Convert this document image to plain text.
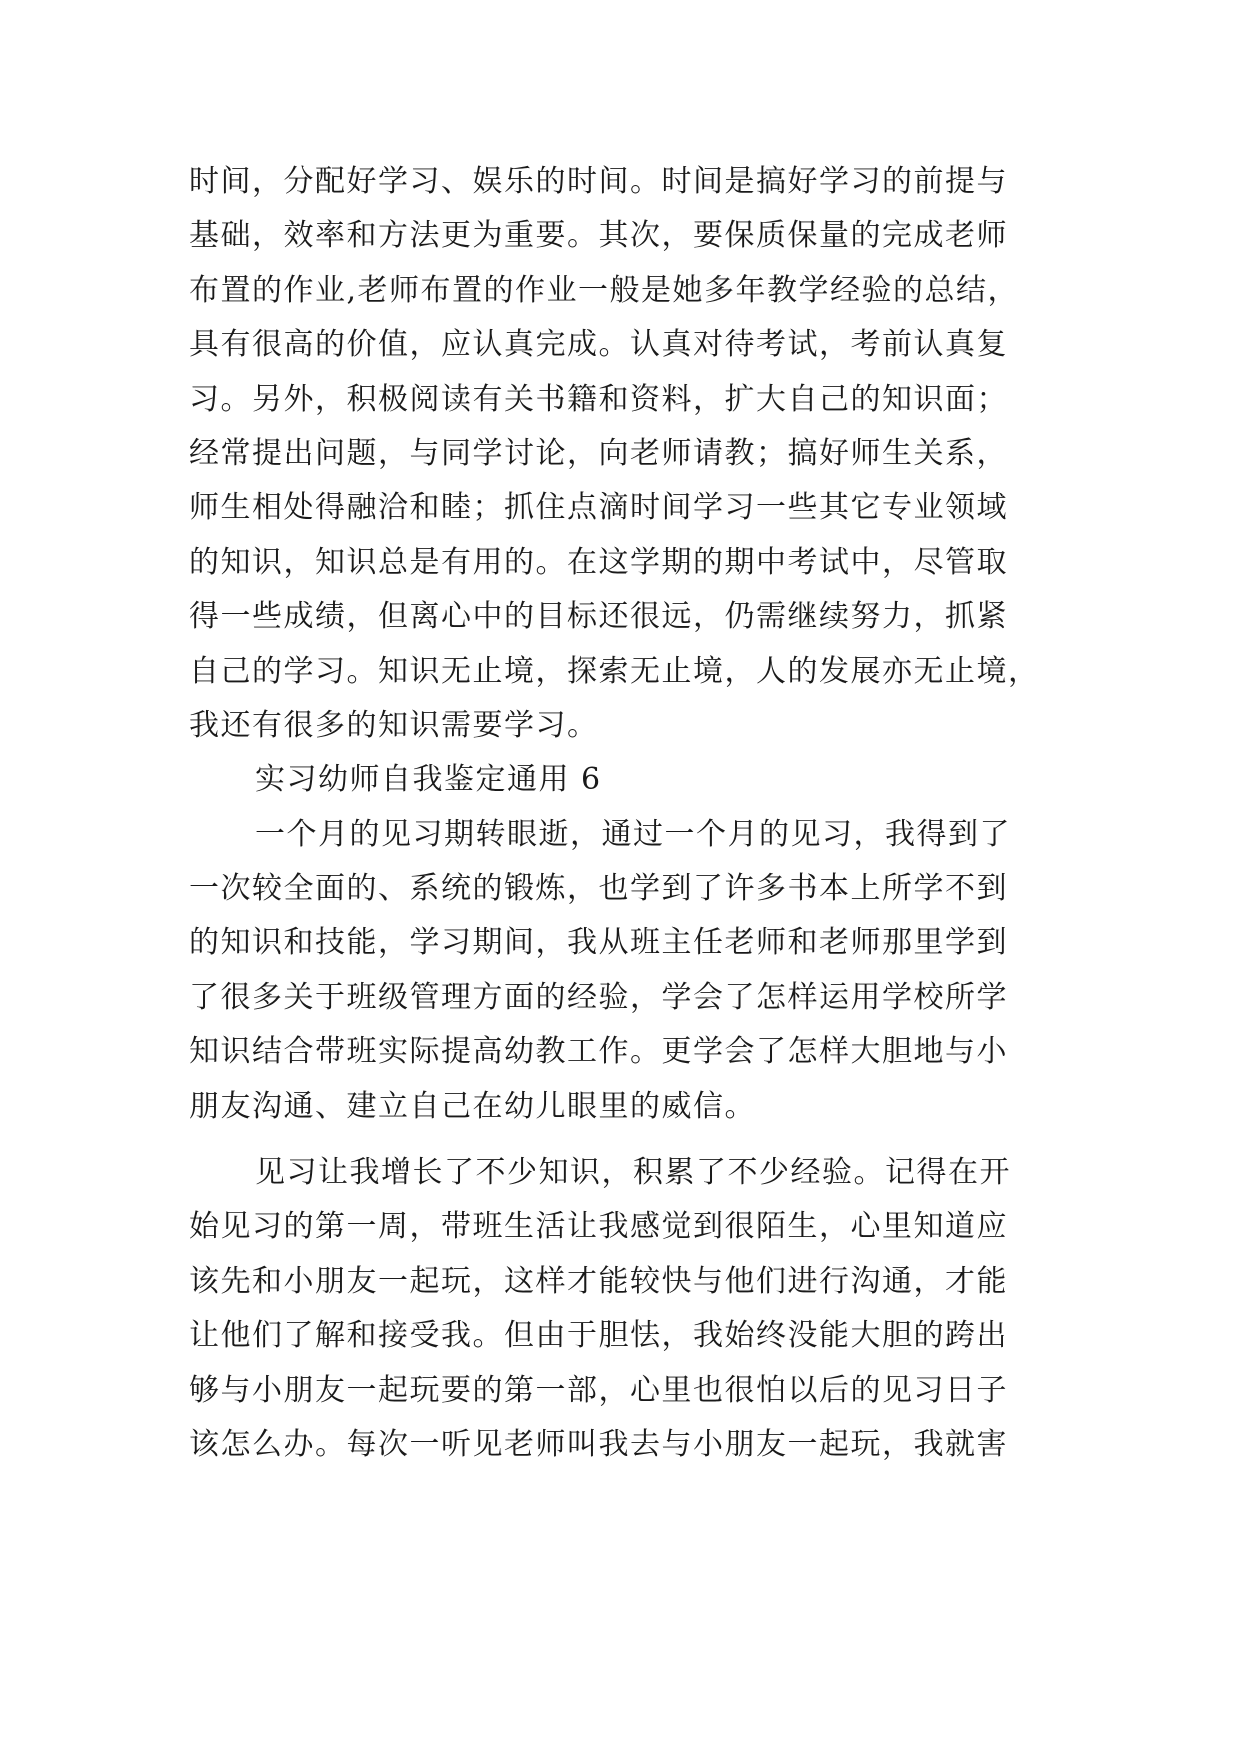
时间，分配好学习、娱乐的时间。时间是搞好学习的前提与
基础，效率和方法更为重要。其次，要保质保量的完成老师
布置的作业,老师布置的作业一般是她多年教学经验的总结，
具有很高的价值，应认真完成。认真对待考试，考前认真复
习。另外，积极阅读有关书籍和资料，扩大自己的知识面；
经常提出问题，与同学讨论，向老师请教；搞好师生关系，
师生相处得融洽和睦；抓住点滴时间学习一些其它专业领域
的知识，知识总是有用的。在这学期的期中考试中，尽管取
得一些成绩，但离心中的目标还很远，仍需继续努力，抓紧
自己的学习。知识无止境，探索无止境，人的发展亦无止境，
我还有很多的知识需要学习。
实习幼师自我鉴定通用 6
一个月的见习期转眼逝，通过一个月的见习，我得到了
一次较全面的、系统的锻炼，也学到了许多书本上所学不到
的知识和技能，学习期间，我从班主任老师和老师那里学到
了很多关于班级管理方面的经验，学会了怎样运用学校所学
知识结合带班实际提高幼教工作。更学会了怎样大胆地与小
朋友沟通、建立自己在幼儿眼里的威信。
见习让我增长了不少知识，积累了不少经验。记得在开
始见习的第一周，带班生活让我感觉到很陌生，心里知道应
该先和小朋友一起玩，这样才能较快与他们进行沟通，才能
让他们了解和接受我。但由于胆怯，我始终没能大胆的跨出
够与小朋友一起玩要的第一部，心里也很怕以后的见习日子
该怎么办。每次一听见老师叫我去与小朋友一起玩，我就害
